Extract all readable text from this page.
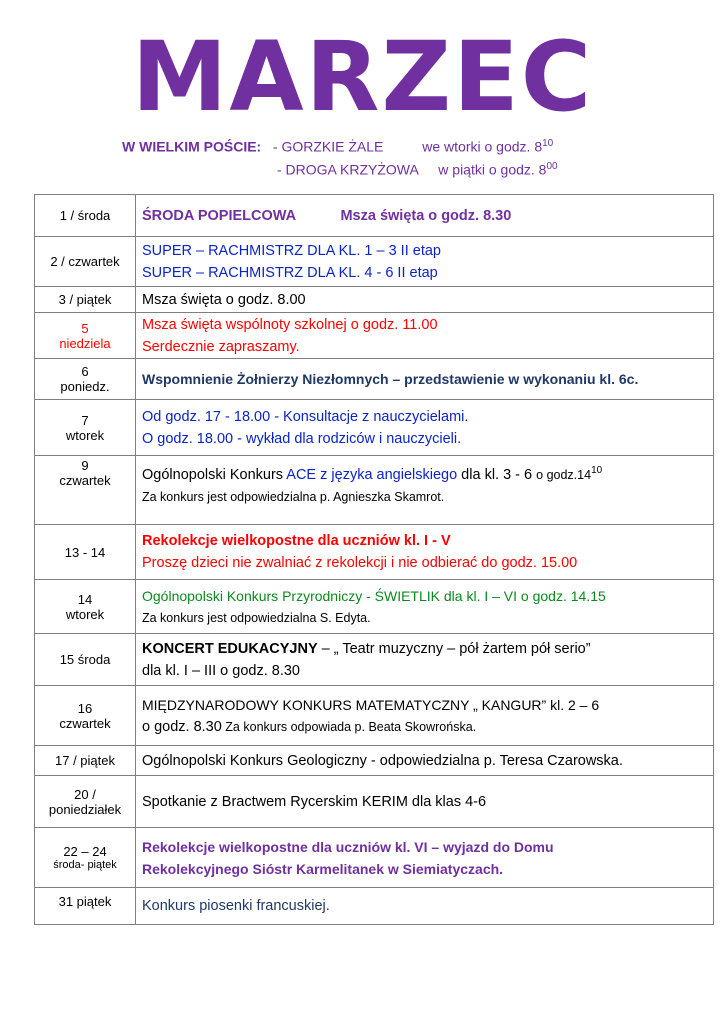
MARZEC
W WIELKIM POŚCIE: - GORZKIE ŻALE	we wtorki o godz. $8^{10}$
- DROGA KRZYŻOWA w piątki o godz. $8^{00}$
1 / środa	ŚRODA POPIELCOWA Msza święta o godz. 8.30

2 / czwartek	SUPER – RACHMISTRZ DLA KL. 1 – 3 II etap
SUPER – RACHMISTRZ DLA KL. 4 - 6 II etap

3 / piątek	Msza święta o godz. 8.00

5
niedziela	Msza święta wspólnoty szkolnej o godz. 11.00
Serdecznie zapraszamy.

6
poniedz.	Wspomnienie Żołnierzy Niezłomnych – przedstawienie w wykonaniu kl. 6c.

7
wtorek	Od godz. 17 - 18.00 - Konsultacje z nauczycielami.
O godz. 18.00 - wykład dla rodziców i nauczycieli.

9
czwartek	Ogólnopolski Konkurs ACE z języka angielskiego dla kl. 3 - 6 o $godz.14^{10}$
Za konkurs jest odpowiedzialna p. Agnieszka Skamrot.

13 - 14	Rekolekcje wielkopostne dla uczniów kl. I - V
Proszę dzieci nie zwalniać z rekolekcji i nie odbierać do godz. 15.00

14
wtorek	Ogólnopolski Konkurs Przyrodniczy - ŚWIETLIK dla kl. I – VI o godz. 14.15
Za konkurs jest odpowiedzialna S. Edyta.

15 środa	KONCERT EDUKACYJNY – „ Teatr muzyczny – pół żartem pół serio”
dla kl. I – III o godz. 8.30

16
czwartek	MIĘDZYNARODOWY KONKURS MATEMATYCZNY „ KANGUR” kl. 2 – 6
o godz. 8.30 Za konkurs odpowiada p. Beata Skowrońska.

17 / piątek	Ogólnopolski Konkurs Geologiczny - odpowiedzialna p. Teresa Czarowska.

20 /
poniedziałek	Spotkanie z Bractwem Rycerskim KERIM dla klas 4-6

22 – 24
środa- piątek	Rekolekcje wielkopostne dla uczniów kl. VI – wyjazd do Domu
Rekolekcyjnego Sióstr Karmelitanek w Siemiatyczach.

31 piątek	Konkurs piosenki francuskiej.
